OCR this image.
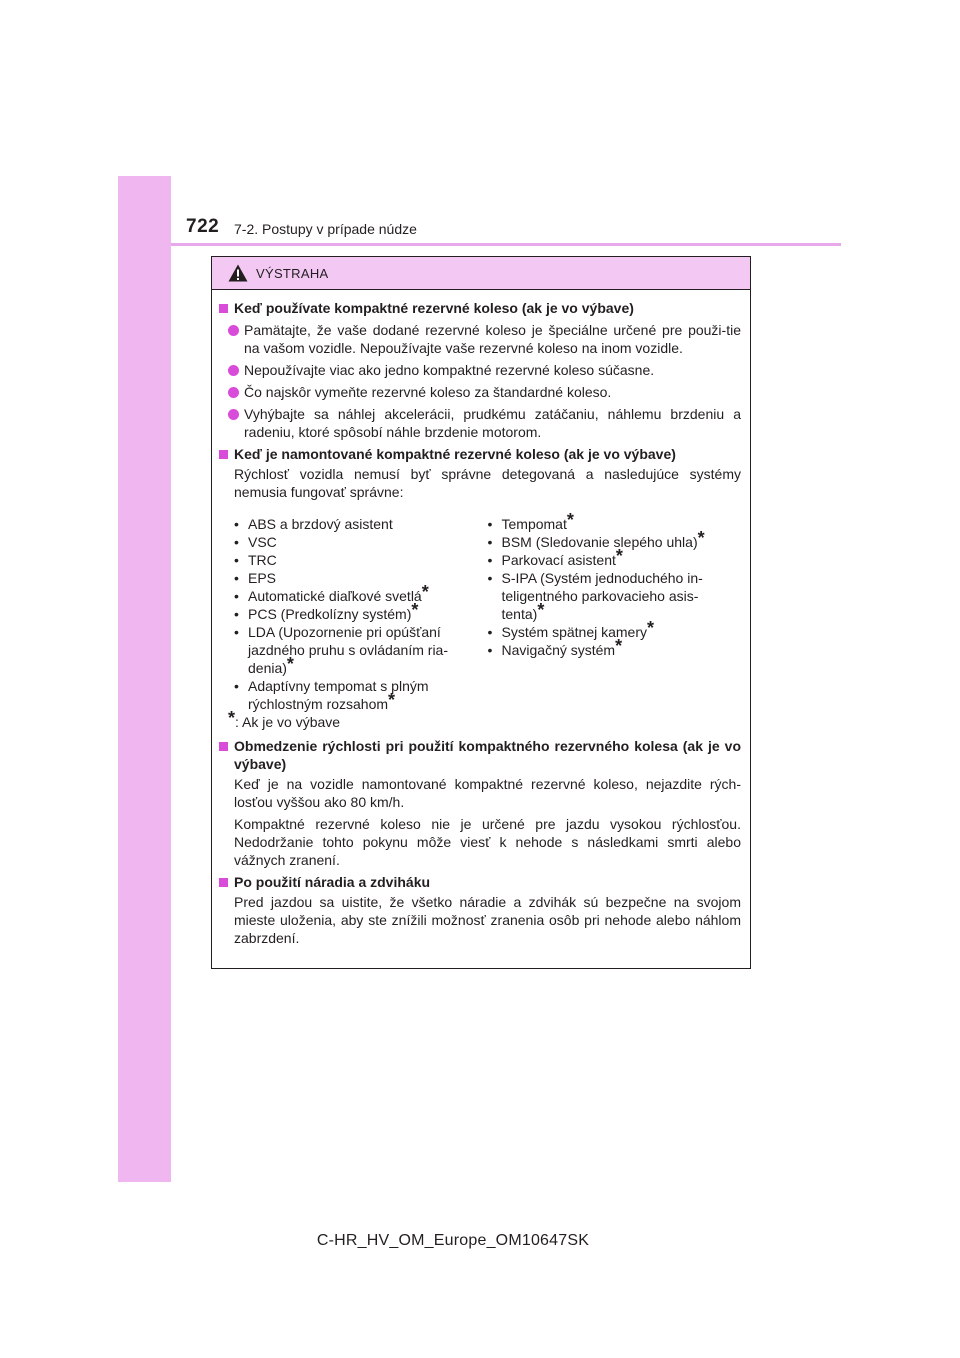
722 7-2. Postupy v prípade núdze
VÝSTRAHA
Keď používate kompaktné rezervné koleso (ak je vo výbave)
Pamätajte, že vaše dodané rezervné koleso je špeciálne určené pre použi-tie na vašom vozidle. Nepoužívajte vaše rezervné koleso na inom vozidle.
Nepoužívajte viac ako jedno kompaktné rezervné koleso súčasne.
Čo najskôr vymeňte rezervné koleso za štandardné koleso.
Vyhýbajte sa náhlej akcelerácii, prudkému zatáčaniu, náhlemu brzdeniu a radeniu, ktoré spôsobí náhle brzdenie motorom.
Keď je namontované kompaktné rezervné koleso (ak je vo výbave)
Rýchlosť vozidla nemusí byť správne detegovaná a nasledujúce systémy nemusia fungovať správne:
• ABS a brzdový asistent
• VSC
• TRC
• EPS
• Automatické diaľkové svetlá*
• PCS (Predkolízny systém)*
• LDA (Upozornenie pri opúšťaní jazdného pruhu s ovládaním ria-denia)*
• Adaptívny tempomat s plným rýchlostným rozsahom*
• Tempomat*
• BSM (Sledovanie slepého uhla)*
• Parkovací asistent*
• S-IPA (Systém jednoduchého in-teligentného parkovacieho asis-tenta)*
• Systém spätnej kamery*
• Navigačný systém*
*: Ak je vo výbave
Obmedzenie rýchlosti pri použití kompaktného rezervného kolesa (ak je vo výbave)
Keď je na vozidle namontované kompaktné rezervné koleso, nejazdite rých-losťou vyššou ako 80 km/h.
Kompaktné rezervné koleso nie je určené pre jazdu vysokou rýchlosťou. Nedodržanie tohto pokynu môže viesť k nehode s následkami smrti alebo vážnych zranení.
Po použití náradia a zdviháku
Pred jazdou sa uistite, že všetko náradie a zdvihák sú bezpečne na svojom mieste uloženia, aby ste znížili možnosť zranenia osôb pri nehode alebo náhlom zabrzdení.
C-HR_HV_OM_Europe_OM10647SK
